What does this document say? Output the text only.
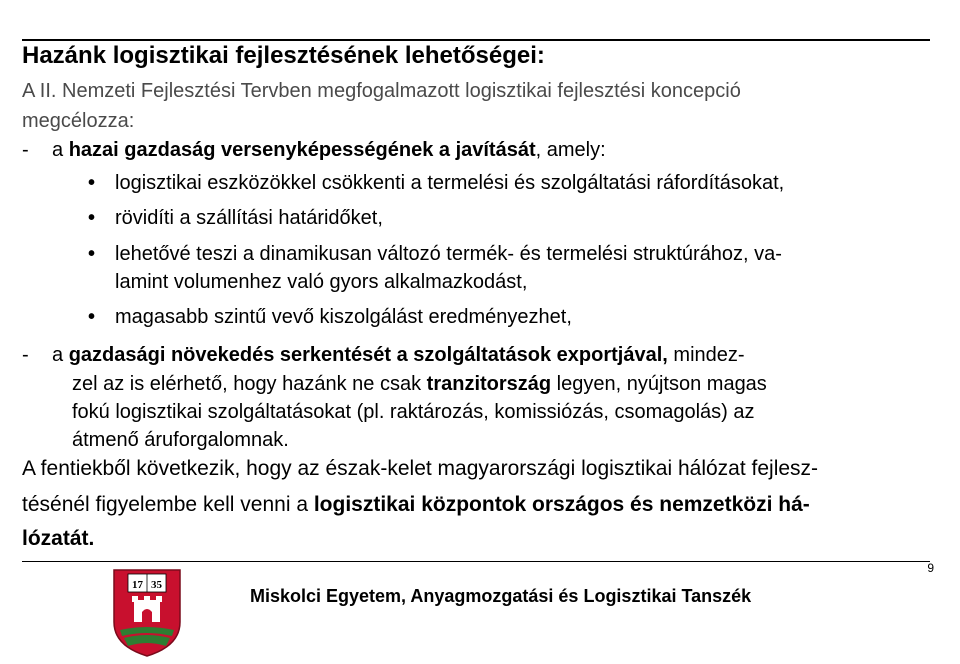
Hazánk logisztikai fejlesztésének lehetőségei:
A II. Nemzeti Fejlesztési Tervben megfogalmazott logisztikai fejlesztési koncepció
megcélozza:
- a hazai gazdaság versenyképességének a javítását, amely:
• logisztikai eszközökkel csökkenti a termelési és szolgáltatási ráfordításokat,
• rövidíti a szállítási határidőket,
• lehetővé teszi a dinamikusan változó termék- és termelési struktúrához, va-
lamint volumenhez való gyors alkalmazkodást,
• magasabb szintű vevő kiszolgálást eredményezhet,
- a gazdasági növekedés serkentését a szolgáltatások exportjával, mindez-
zel az is elérhető, hogy hazánk ne csak tranzitország legyen, nyújtson magas
fokú logisztikai szolgáltatásokat (pl. raktározás, komissiózás, csomagolás) az
átmenő áruforgalomnak.
A fentiekből következik, hogy az észak-kelet magyarországi logisztikai hálózat fejlesz-
tésénél figyelembe kell venni a logisztikai központok országos és nemzetközi há-
lózatát.
9
17 35
Miskolci Egyetem, Anyagmozgatási és Logisztikai Tanszék
